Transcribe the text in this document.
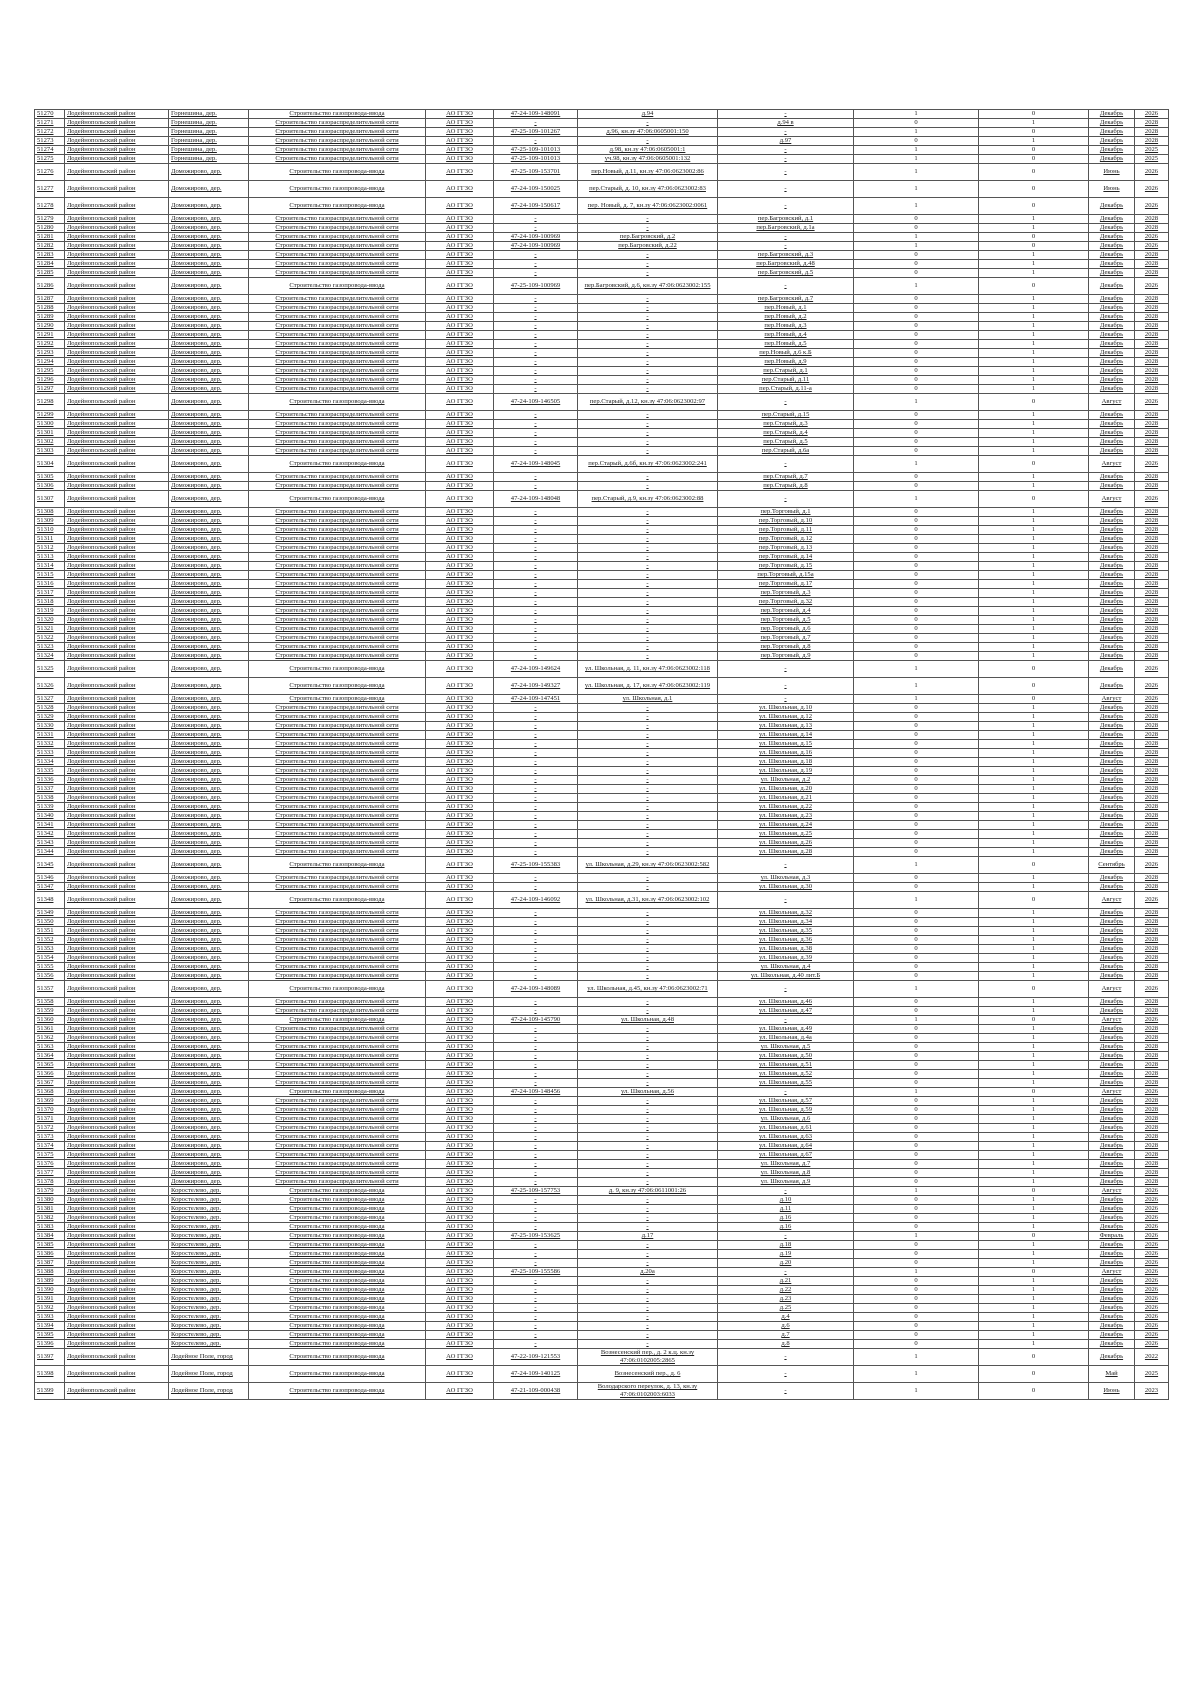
51270	Лодейнопольский район	Горнешина, дер.	Строительство газопровода-ввода	АО ГГЗО	47-24-109-148091	д.94	-	1	0	Декабрь	2026
51271	Лодейнопольский район	Горнешина, дер.	Строительство газораспределительной сети	АО ГГЗО	-	-	д.94 в	0	1	Декабрь	2028
51272	Лодейнопольский район	Горнешина, дер.	Строительство газораспределительной сети	АО ГГЗО	47-25-109-101267	д.96, кн.зу 47:06:0605001:150	-	1	0	Декабрь	2028
51273	Лодейнопольский район	Горнешина, дер.	Строительство газораспределительной сети	АО ГГЗО	-	-	д.97	0	1	Декабрь	2028
51274	Лодейнопольский район	Горнешина, дер.	Строительство газораспределительной сети	АО ГГЗО	47-25-109-101013	д.98, кн.зу 47:06:0605001:1	-	1	0	Декабрь	2025
51275	Лодейнопольский район	Горнешина, дер.	Строительство газораспределительной сети	АО ГГЗО	47-25-109-101013	уч.98, кн.зу 47:06:0605001:132	-	1	0	Декабрь	2025
51276	Лодейнопольский район	Доможирово, дер.	Строительство газопровода-ввода	АО ГГЗО	47-25-109-153701	пер.Новый, д.11, кн.зу 47:06:0623002:86	-	1	0	Июнь	2026
51277	Лодейнопольский район	Доможирово, дер.	Строительство газопровода-ввода	АО ГГЗО	47-24-109-150025	пер.Старый, д. 10, кн.зу 47:06:0623002:83	-	1	0	Июнь	2026
51278	Лодейнопольский район	Доможирово, дер.	Строительство газопровода-ввода	АО ГГЗО	47-24-109-150617	пер. Новый, д. 7, кн.зу 47:06:0623002:0061	-	1	0	Декабрь	2026
51279	Лодейнопольский район	Доможирово, дер.	Строительство газораспределительной сети	АО ГГЗО	-	-	пер.Багровский, д.1	0	1	Декабрь	2028
51280	Лодейнопольский район	Доможирово, дер.	Строительство газораспределительной сети	АО ГГЗО	-	-	пер.Багровский, д.1а	0	1	Декабрь	2028
51281	Лодейнопольский район	Доможирово, дер.	Строительство газораспределительной сети	АО ГГЗО	47-24-109-100969	пер.Багровский, д.2	-	1	0	Декабрь	2026
51282	Лодейнопольский район	Доможирово, дер.	Строительство газораспределительной сети	АО ГГЗО	47-24-109-100969	пер.Багровский, д.22	-	1	0	Декабрь	2026
51283	Лодейнопольский район	Доможирово, дер.	Строительство газораспределительной сети	АО ГГЗО	-	-	пер.Багровский, д.3	0	1	Декабрь	2028
51284	Лодейнопольский район	Доможирово, дер.	Строительство газораспределительной сети	АО ГГЗО	-	-	пер.Багровский, д.48	0	1	Декабрь	2028
51285	Лодейнопольский район	Доможирово, дер.	Строительство газораспределительной сети	АО ГГЗО	-	-	пер.Багровский, д.5	0	1	Декабрь	2028
51286	Лодейнопольский район	Доможирово, дер.	Строительство газопровода-ввода	АО ГГЗО	47-25-109-100969	пер.Багровский, д.6, кн.зу 47:06:0623002:155	-	1	0	Декабрь	2026
51287	Лодейнопольский район	Доможирово, дер.	Строительство газораспределительной сети	АО ГГЗО	-	-	пер.Багровский, д.7	0	1	Декабрь	2028
51288	Лодейнопольский район	Доможирово, дер.	Строительство газораспределительной сети	АО ГГЗО	-	-	пер.Новый, д.1	0	1	Декабрь	2028
51289	Лодейнопольский район	Доможирово, дер.	Строительство газораспределительной сети	АО ГГЗО	-	-	пер.Новый, д.2	0	1	Декабрь	2028
51290	Лодейнопольский район	Доможирово, дер.	Строительство газораспределительной сети	АО ГГЗО	-	-	пер.Новый, д.3	0	1	Декабрь	2028
51291	Лодейнопольский район	Доможирово, дер.	Строительство газораспределительной сети	АО ГГЗО	-	-	пер.Новый, д.4	0	1	Декабрь	2028
51292	Лодейнопольский район	Доможирово, дер.	Строительство газораспределительной сети	АО ГГЗО	-	-	пер.Новый, д.5	0	1	Декабрь	2028
51293	Лодейнопольский район	Доможирово, дер.	Строительство газораспределительной сети	АО ГГЗО	-	-	пер.Новый, д.6 к.Б	0	1	Декабрь	2028
51294	Лодейнопольский район	Доможирово, дер.	Строительство газораспределительной сети	АО ГГЗО	-	-	пер.Новый, д.9	0	1	Декабрь	2028
51295	Лодейнопольский район	Доможирово, дер.	Строительство газораспределительной сети	АО ГГЗО	-	-	пер.Старый, д.1	0	1	Декабрь	2028
51296	Лодейнопольский район	Доможирово, дер.	Строительство газораспределительной сети	АО ГГЗО	-	-	пер.Старый, д.11	0	1	Декабрь	2028
51297	Лодейнопольский район	Доможирово, дер.	Строительство газораспределительной сети	АО ГГЗО	-	-	пер.Старый, д.11-а	0	1	Декабрь	2028
51298	Лодейнопольский район	Доможирово, дер.	Строительство газопровода-ввода	АО ГГЗО	47-24-109-146505	пер.Старый, д.12, кн.зу 47:06:0623002:97	-	1	0	Август	2026
51299	Лодейнопольский район	Доможирово, дер.	Строительство газораспределительной сети	АО ГГЗО	-	-	пер.Старый, д.15	0	1	Декабрь	2028
51300	Лодейнопольский район	Доможирово, дер.	Строительство газораспределительной сети	АО ГГЗО	-	-	пер.Старый, д.3	0	1	Декабрь	2028
51301	Лодейнопольский район	Доможирово, дер.	Строительство газораспределительной сети	АО ГГЗО	-	-	пер.Старый, д.4	0	1	Декабрь	2028
51302	Лодейнопольский район	Доможирово, дер.	Строительство газораспределительной сети	АО ГГЗО	-	-	пер.Старый, д.5	0	1	Декабрь	2028
51303	Лодейнопольский район	Доможирово, дер.	Строительство газораспределительной сети	АО ГГЗО	-	-	пер.Старый, д.6а	0	1	Декабрь	2028
51304	Лодейнопольский район	Доможирово, дер.	Строительство газопровода-ввода	АО ГГЗО	47-24-109-148045	пер.Старый, д.6б, кн.зу 47:06:0623002:241	-	1	0	Август	2026
51305	Лодейнопольский район	Доможирово, дер.	Строительство газораспределительной сети	АО ГГЗО	-	-	пер.Старый, д.7	0	1	Декабрь	2028
51306	Лодейнопольский район	Доможирово, дер.	Строительство газораспределительной сети	АО ГГЗО	-	-	пер.Старый, д.8	0	1	Декабрь	2028
51307	Лодейнопольский район	Доможирово, дер.	Строительство газопровода-ввода	АО ГГЗО	47-24-109-148048	пер.Старый, д.9, кн.зу 47:06:0623002:88	-	1	0	Август	2026
51308	Лодейнопольский район	Доможирово, дер.	Строительство газораспределительной сети	АО ГГЗО	-	-	пер.Торговый, д.1	0	1	Декабрь	2028
51309	Лодейнопольский район	Доможирово, дер.	Строительство газораспределительной сети	АО ГГЗО	-	-	пер.Торговый, д.10	0	1	Декабрь	2028
51310	Лодейнопольский район	Доможирово, дер.	Строительство газораспределительной сети	АО ГГЗО	-	-	пер.Торговый, д.11	0	1	Декабрь	2028
51311	Лодейнопольский район	Доможирово, дер.	Строительство газораспределительной сети	АО ГГЗО	-	-	пер.Торговый, д.12	0	1	Декабрь	2028
51312	Лодейнопольский район	Доможирово, дер.	Строительство газораспределительной сети	АО ГГЗО	-	-	пер.Торговый, д.13	0	1	Декабрь	2028
51313	Лодейнопольский район	Доможирово, дер.	Строительство газораспределительной сети	АО ГГЗО	-	-	пер.Торговый, д.14	0	1	Декабрь	2028
51314	Лодейнопольский район	Доможирово, дер.	Строительство газораспределительной сети	АО ГГЗО	-	-	пер.Торговый, д.15	0	1	Декабрь	2028
51315	Лодейнопольский район	Доможирово, дер.	Строительство газораспределительной сети	АО ГГЗО	-	-	пер.Торговый, д.15а	0	1	Декабрь	2028
51316	Лодейнопольский район	Доможирово, дер.	Строительство газораспределительной сети	АО ГГЗО	-	-	пер.Торговый, д.17	0	1	Декабрь	2028
51317	Лодейнопольский район	Доможирово, дер.	Строительство газораспределительной сети	АО ГГЗО	-	-	пер.Торговый, д.3	0	1	Декабрь	2028
51318	Лодейнопольский район	Доможирово, дер.	Строительство газораспределительной сети	АО ГГЗО	-	-	пер.Торговый, д.32	0	1	Декабрь	2028
51319	Лодейнопольский район	Доможирово, дер.	Строительство газораспределительной сети	АО ГГЗО	-	-	пер.Торговый, д.4	0	1	Декабрь	2028
51320	Лодейнопольский район	Доможирово, дер.	Строительство газораспределительной сети	АО ГГЗО	-	-	пер.Торговый, д.5	0	1	Декабрь	2028
51321	Лодейнопольский район	Доможирово, дер.	Строительство газораспределительной сети	АО ГГЗО	-	-	пер.Торговый, д.6	0	1	Декабрь	2028
51322	Лодейнопольский район	Доможирово, дер.	Строительство газораспределительной сети	АО ГГЗО	-	-	пер.Торговый, д.7	0	1	Декабрь	2028
51323	Лодейнопольский район	Доможирово, дер.	Строительство газораспределительной сети	АО ГГЗО	-	-	пер.Торговый, д.8	0	1	Декабрь	2028
51324	Лодейнопольский район	Доможирово, дер.	Строительство газораспределительной сети	АО ГГЗО	-	-	пер.Торговый, д.9	0	1	Декабрь	2028
51325	Лодейнопольский район	Доможирово, дер.	Строительство газопровода-ввода	АО ГГЗО	47-24-109-149624	ул. Школьная, д. 11, кн.зу 47:06:0623002:118	-	1	0	Декабрь	2026
51326	Лодейнопольский район	Доможирово, дер.	Строительство газопровода-ввода	АО ГГЗО	47-24-109-149327	ул. Школьная, д. 17, кн.зу 47:06:0623002:119	-	1	0	Декабрь	2026
51327	Лодейнопольский район	Доможирово, дер.	Строительство газопровода-ввода	АО ГГЗО	47-24-109-147451	ул. Школьная, д.1	-	1	0	Август	2026
51328	Лодейнопольский район	Доможирово, дер.	Строительство газораспределительной сети	АО ГГЗО	-	-	ул. Школьная, д.10	0	1	Декабрь	2028
51329	Лодейнопольский район	Доможирово, дер.	Строительство газораспределительной сети	АО ГГЗО	-	-	ул. Школьная, д.12	0	1	Декабрь	2028
51330	Лодейнопольский район	Доможирово, дер.	Строительство газораспределительной сети	АО ГГЗО	-	-	ул. Школьная, д.13	0	1	Декабрь	2028
51331	Лодейнопольский район	Доможирово, дер.	Строительство газораспределительной сети	АО ГГЗО	-	-	ул. Школьная, д.14	0	1	Декабрь	2028
51332	Лодейнопольский район	Доможирово, дер.	Строительство газораспределительной сети	АО ГГЗО	-	-	ул. Школьная, д.15	0	1	Декабрь	2028
51333	Лодейнопольский район	Доможирово, дер.	Строительство газораспределительной сети	АО ГГЗО	-	-	ул. Школьная, д.16	0	1	Декабрь	2028
51334	Лодейнопольский район	Доможирово, дер.	Строительство газораспределительной сети	АО ГГЗО	-	-	ул. Школьная, д.18	0	1	Декабрь	2028
51335	Лодейнопольский район	Доможирово, дер.	Строительство газораспределительной сети	АО ГГЗО	-	-	ул. Школьная, д.19	0	1	Декабрь	2028
51336	Лодейнопольский район	Доможирово, дер.	Строительство газораспределительной сети	АО ГГЗО	-	-	ул. Школьная, д.2	0	1	Декабрь	2028
51337	Лодейнопольский район	Доможирово, дер.	Строительство газораспределительной сети	АО ГГЗО	-	-	ул. Школьная, д.20	0	1	Декабрь	2028
51338	Лодейнопольский район	Доможирово, дер.	Строительство газораспределительной сети	АО ГГЗО	-	-	ул. Школьная, д.21	0	1	Декабрь	2028
51339	Лодейнопольский район	Доможирово, дер.	Строительство газораспределительной сети	АО ГГЗО	-	-	ул. Школьная, д.22	0	1	Декабрь	2028
51340	Лодейнопольский район	Доможирово, дер.	Строительство газораспределительной сети	АО ГГЗО	-	-	ул. Школьная, д.23	0	1	Декабрь	2028
51341	Лодейнопольский район	Доможирово, дер.	Строительство газораспределительной сети	АО ГГЗО	-	-	ул. Школьная, д.24	0	1	Декабрь	2028
51342	Лодейнопольский район	Доможирово, дер.	Строительство газораспределительной сети	АО ГГЗО	-	-	ул. Школьная, д.25	0	1	Декабрь	2028
51343	Лодейнопольский район	Доможирово, дер.	Строительство газораспределительной сети	АО ГГЗО	-	-	ул. Школьная, д.26	0	1	Декабрь	2028
51344	Лодейнопольский район	Доможирово, дер.	Строительство газораспределительной сети	АО ГГЗО	-	-	ул. Школьная, д.28	0	1	Декабрь	2028
51345	Лодейнопольский район	Доможирово, дер.	Строительство газопровода-ввода	АО ГГЗО	47-25-109-155383	ул. Школьная, д.29, кн.зу 47:06:0623002:582	-	1	0	Сентябрь	2026
51346	Лодейнопольский район	Доможирово, дер.	Строительство газораспределительной сети	АО ГГЗО	-	-	ул. Школьная, д.3	0	1	Декабрь	2028
51347	Лодейнопольский район	Доможирово, дер.	Строительство газораспределительной сети	АО ГГЗО	-	-	ул. Школьная, д.30	0	1	Декабрь	2028
51348	Лодейнопольский район	Доможирово, дер.	Строительство газопровода-ввода	АО ГГЗО	47-24-109-146092	ул. Школьная, д.31, кн.зу 47:06:0623002:102	-	1	0	Август	2026
51349	Лодейнопольский район	Доможирово, дер.	Строительство газораспределительной сети	АО ГГЗО	-	-	ул. Школьная, д.32	0	1	Декабрь	2028
51350	Лодейнопольский район	Доможирово, дер.	Строительство газораспределительной сети	АО ГГЗО	-	-	ул. Школьная, д.34	0	1	Декабрь	2028
51351	Лодейнопольский район	Доможирово, дер.	Строительство газораспределительной сети	АО ГГЗО	-	-	ул. Школьная, д.35	0	1	Декабрь	2028
51352	Лодейнопольский район	Доможирово, дер.	Строительство газораспределительной сети	АО ГГЗО	-	-	ул. Школьная, д.36	0	1	Декабрь	2028
51353	Лодейнопольский район	Доможирово, дер.	Строительство газораспределительной сети	АО ГГЗО	-	-	ул. Школьная, д.38	0	1	Декабрь	2028
51354	Лодейнопольский район	Доможирово, дер.	Строительство газораспределительной сети	АО ГГЗО	-	-	ул. Школьная, д.39	0	1	Декабрь	2028
51355	Лодейнопольский район	Доможирово, дер.	Строительство газораспределительной сети	АО ГГЗО	-	-	ул. Школьная, д.4	0	1	Декабрь	2028
51356	Лодейнопольский район	Доможирово, дер.	Строительство газораспределительной сети	АО ГГЗО	-	-	ул. Школьная, д.40 лит.Б	0	1	Декабрь	2028
51357	Лодейнопольский район	Доможирово, дер.	Строительство газопровода-ввода	АО ГГЗО	47-24-109-148089	ул. Школьная, д.45, кн.зу 47:06:0623002:71	-	1	0	Август	2026
51358	Лодейнопольский район	Доможирово, дер.	Строительство газораспределительной сети	АО ГГЗО	-	-	ул. Школьная, д.46	0	1	Декабрь	2028
51359	Лодейнопольский район	Доможирово, дер.	Строительство газораспределительной сети	АО ГГЗО	-	-	ул. Школьная, д.47	0	1	Декабрь	2028
51360	Лодейнопольский район	Доможирово, дер.	Строительство газопровода-ввода	АО ГГЗО	47-24-109-145790	ул. Школьная, д.48	-	1	0	Август	2026
51361	Лодейнопольский район	Доможирово, дер.	Строительство газораспределительной сети	АО ГГЗО	-	-	ул. Школьная, д.49	0	1	Декабрь	2028
51362	Лодейнопольский район	Доможирово, дер.	Строительство газораспределительной сети	АО ГГЗО	-	-	ул. Школьная, д.4а	0	1	Декабрь	2028
51363	Лодейнопольский район	Доможирово, дер.	Строительство газораспределительной сети	АО ГГЗО	-	-	ул. Школьная, д.5	0	1	Декабрь	2028
51364	Лодейнопольский район	Доможирово, дер.	Строительство газораспределительной сети	АО ГГЗО	-	-	ул. Школьная, д.50	0	1	Декабрь	2028
51365	Лодейнопольский район	Доможирово, дер.	Строительство газораспределительной сети	АО ГГЗО	-	-	ул. Школьная, д.51	0	1	Декабрь	2028
51366	Лодейнопольский район	Доможирово, дер.	Строительство газораспределительной сети	АО ГГЗО	-	-	ул. Школьная, д.52	0	1	Декабрь	2028
51367	Лодейнопольский район	Доможирово, дер.	Строительство газораспределительной сети	АО ГГЗО	-	-	ул. Школьная, д.55	0	1	Декабрь	2028
51368	Лодейнопольский район	Доможирово, дер.	Строительство газопровода-ввода	АО ГГЗО	47-24-109-148456	ул. Школьная, д.56	-	1	0	Август	2026
51369	Лодейнопольский район	Доможирово, дер.	Строительство газораспределительной сети	АО ГГЗО	-	-	ул. Школьная, д.57	0	1	Декабрь	2028
51370	Лодейнопольский район	Доможирово, дер.	Строительство газораспределительной сети	АО ГГЗО	-	-	ул. Школьная, д.59	0	1	Декабрь	2028
51371	Лодейнопольский район	Доможирово, дер.	Строительство газораспределительной сети	АО ГГЗО	-	-	ул. Школьная, д.6	0	1	Декабрь	2028
51372	Лодейнопольский район	Доможирово, дер.	Строительство газораспределительной сети	АО ГГЗО	-	-	ул. Школьная, д.61	0	1	Декабрь	2028
51373	Лодейнопольский район	Доможирово, дер.	Строительство газораспределительной сети	АО ГГЗО	-	-	ул. Школьная, д.63	0	1	Декабрь	2028
51374	Лодейнопольский район	Доможирово, дер.	Строительство газораспределительной сети	АО ГГЗО	-	-	ул. Школьная, д.64	0	1	Декабрь	2028
51375	Лодейнопольский район	Доможирово, дер.	Строительство газораспределительной сети	АО ГГЗО	-	-	ул. Школьная, д.67	0	1	Декабрь	2028
51376	Лодейнопольский район	Доможирово, дер.	Строительство газораспределительной сети	АО ГГЗО	-	-	ул. Школьная, д.7	0	1	Декабрь	2028
51377	Лодейнопольский район	Доможирово, дер.	Строительство газораспределительной сети	АО ГГЗО	-	-	ул. Школьная, д.8	0	1	Декабрь	2028
51378	Лодейнопольский район	Доможирово, дер.	Строительство газораспределительной сети	АО ГГЗО	-	-	ул. Школьная, д.9	0	1	Декабрь	2028
51379	Лодейнопольский район	Коростелево, дер.	Строительство газопровода-ввода	АО ГГЗО	47-25-109-157753	д. 9, кн.зу 47:06:0611001:26	-	1	0	Август	2026
51380	Лодейнопольский район	Коростелево, дер.	Строительство газопровода-ввода	АО ГГЗО	-	-	д.10	0	1	Декабрь	2026
51381	Лодейнопольский район	Коростелево, дер.	Строительство газопровода-ввода	АО ГГЗО	-	-	д.11	0	1	Декабрь	2026
51382	Лодейнопольский район	Коростелево, дер.	Строительство газопровода-ввода	АО ГГЗО	-	-	д.16	0	1	Декабрь	2026
51383	Лодейнопольский район	Коростелево, дер.	Строительство газопровода-ввода	АО ГГЗО	-	-	д.16	0	1	Декабрь	2026
51384	Лодейнопольский район	Коростелево, дер.	Строительство газопровода-ввода	АО ГГЗО	47-25-109-153625	д.17	-	1	0	Февраль	2026
51385	Лодейнопольский район	Коростелево, дер.	Строительство газопровода-ввода	АО ГГЗО	-	-	д.18	0	1	Декабрь	2026
51386	Лодейнопольский район	Коростелево, дер.	Строительство газопровода-ввода	АО ГГЗО	-	-	д.19	0	1	Декабрь	2026
51387	Лодейнопольский район	Коростелево, дер.	Строительство газопровода-ввода	АО ГГЗО	-	-	д.20	0	1	Декабрь	2026
51388	Лодейнопольский район	Коростелево, дер.	Строительство газопровода-ввода	АО ГГЗО	47-25-109-155586	д.20а	-	1	0	Август	2026
51389	Лодейнопольский район	Коростелево, дер.	Строительство газопровода-ввода	АО ГГЗО	-	-	д.21	0	1	Декабрь	2026
51390	Лодейнопольский район	Коростелево, дер.	Строительство газопровода-ввода	АО ГГЗО	-	-	д.22	0	1	Декабрь	2026
51391	Лодейнопольский район	Коростелево, дер.	Строительство газопровода-ввода	АО ГГЗО	-	-	д.23	0	1	Декабрь	2026
51392	Лодейнопольский район	Коростелево, дер.	Строительство газопровода-ввода	АО ГГЗО	-	-	д.25	0	1	Декабрь	2026
51393	Лодейнопольский район	Коростелево, дер.	Строительство газопровода-ввода	АО ГГЗО	-	-	д.4	0	1	Декабрь	2026
51394	Лодейнопольский район	Коростелево, дер.	Строительство газопровода-ввода	АО ГГЗО	-	-	д.6	0	1	Декабрь	2026
51395	Лодейнопольский район	Коростелево, дер.	Строительство газопровода-ввода	АО ГГЗО	-	-	д.7	0	1	Декабрь	2026
51396	Лодейнопольский район	Коростелево, дер.	Строительство газопровода-ввода	АО ГГЗО	-	-	д.8	0	1	Декабрь	2026
51397	Лодейнопольский район	Лодейное Поле, город	Строительство газопровода-ввода	АО ГГЗО	47-22-109-121553	Вознесенский пер., д. 2 к.ц. кн.зу 47:06:0102005:2865	-	1	0	Декабрь	2022
51398	Лодейнопольский район	Лодейное Поле, город	Строительство газопровода-ввода	АО ГГЗО	47-24-109-140125	Вознесенский пер., д. 6	-	1	0	Май	2025
51399	Лодейнопольский район	Лодейное Поле, город	Строительство газопровода-ввода	АО ГГЗО	47-21-109-000438	Володарского переулок, д. 13, кн.зу 47:06:0102003:6033	-	1	0	Июнь	2023
